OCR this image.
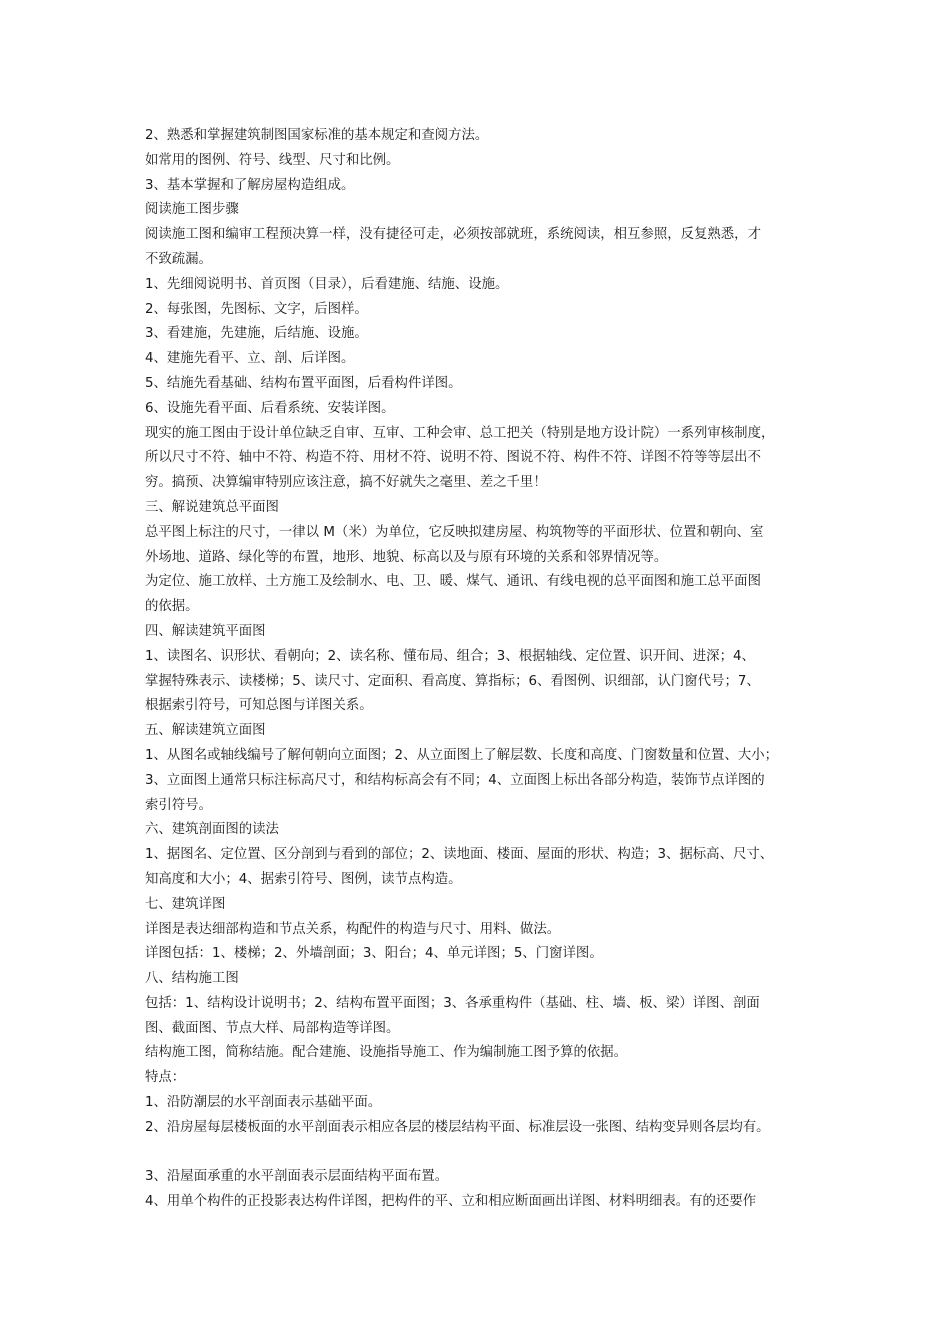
2、熟悉和掌握建筑制图国家标准的基本规定和查阅方法。
如常用的图例、符号、线型、尺寸和比例。
3、基本掌握和了解房屋构造组成。
阅读施工图步骤
阅读施工图和编审工程预决算一样，没有捷径可走，必须按部就班，系统阅读，相互参照，反复熟悉，才
不致疏漏。
1、先细阅说明书、首页图（目录），后看建施、结施、设施。
2、每张图，先图标、文字，后图样。
3、看建施，先建施，后结施、设施。
4、建施先看平、立、剖、后详图。
5、结施先看基础、结构布置平面图，后看构件详图。
6、设施先看平面、后看系统、安装详图。
现实的施工图由于设计单位缺乏自审、互审、工种会审、总工把关（特别是地方设计院）一系列审核制度，
所以尺寸不符、轴中不符、构造不符、用材不符、说明不符、图说不符、构件不符、详图不符等等层出不
穷。搞预、决算编审特别应该注意，搞不好就失之毫里、差之千里！
三、解说建筑总平面图
总平图上标注的尺寸，一律以 M（米）为单位，它反映拟建房屋、构筑物等的平面形状、位置和朝向、室
外场地、道路、绿化等的布置，地形、地貌、标高以及与原有环境的关系和邻界情况等。
为定位、施工放样、土方施工及绘制水、电、卫、暖、煤气、通讯、有线电视的总平面图和施工总平面图
的依据。
四、解读建筑平面图
1、读图名、识形状、看朝向；2、读名称、懂布局、组合；3、根据轴线、定位置、识开间、进深；4、
掌握特殊表示、读楼梯；5、读尺寸、定面积、看高度、算指标；6、看图例、识细部，认门窗代号；7、
根据索引符号，可知总图与详图关系。
五、解读建筑立面图
1、从图名或轴线编号了解何朝向立面图；2、从立面图上了解层数、长度和高度、门窗数量和位置、大小；
3、立面图上通常只标注标高尺寸，和结构标高会有不同；4、立面图上标出各部分构造，装饰节点详图的
索引符号。
六、建筑剖面图的读法
1、据图名、定位置、区分剖到与看到的部位；2、读地面、楼面、屋面的形状、构造；3、据标高、尺寸、
知高度和大小；4、据索引符号、图例，读节点构造。
七、建筑详图
详图是表达细部构造和节点关系，构配件的构造与尺寸、用料、做法。
详图包括：1、楼梯；2、外墙剖面；3、阳台；4、单元详图；5、门窗详图。
八、结构施工图
包括：1、结构设计说明书；2、结构布置平面图；3、各承重构件（基础、柱、墙、板、梁）详图、剖面
图、截面图、节点大样、局部构造等详图。
结构施工图，简称结施。配合建施、设施指导施工、作为编制施工图予算的依据。
特点：
1、沿防潮层的水平剖面表示基础平面。
2、沿房屋每层楼板面的水平剖面表示相应各层的楼层结构平面、标准层设一张图、结构变异则各层均有。
3、沿屋面承重的水平剖面表示层面结构平面布置。
4、用单个构件的正投影表达构件详图，把构件的平、立和相应断面画出详图、材料明细表。有的还要作
